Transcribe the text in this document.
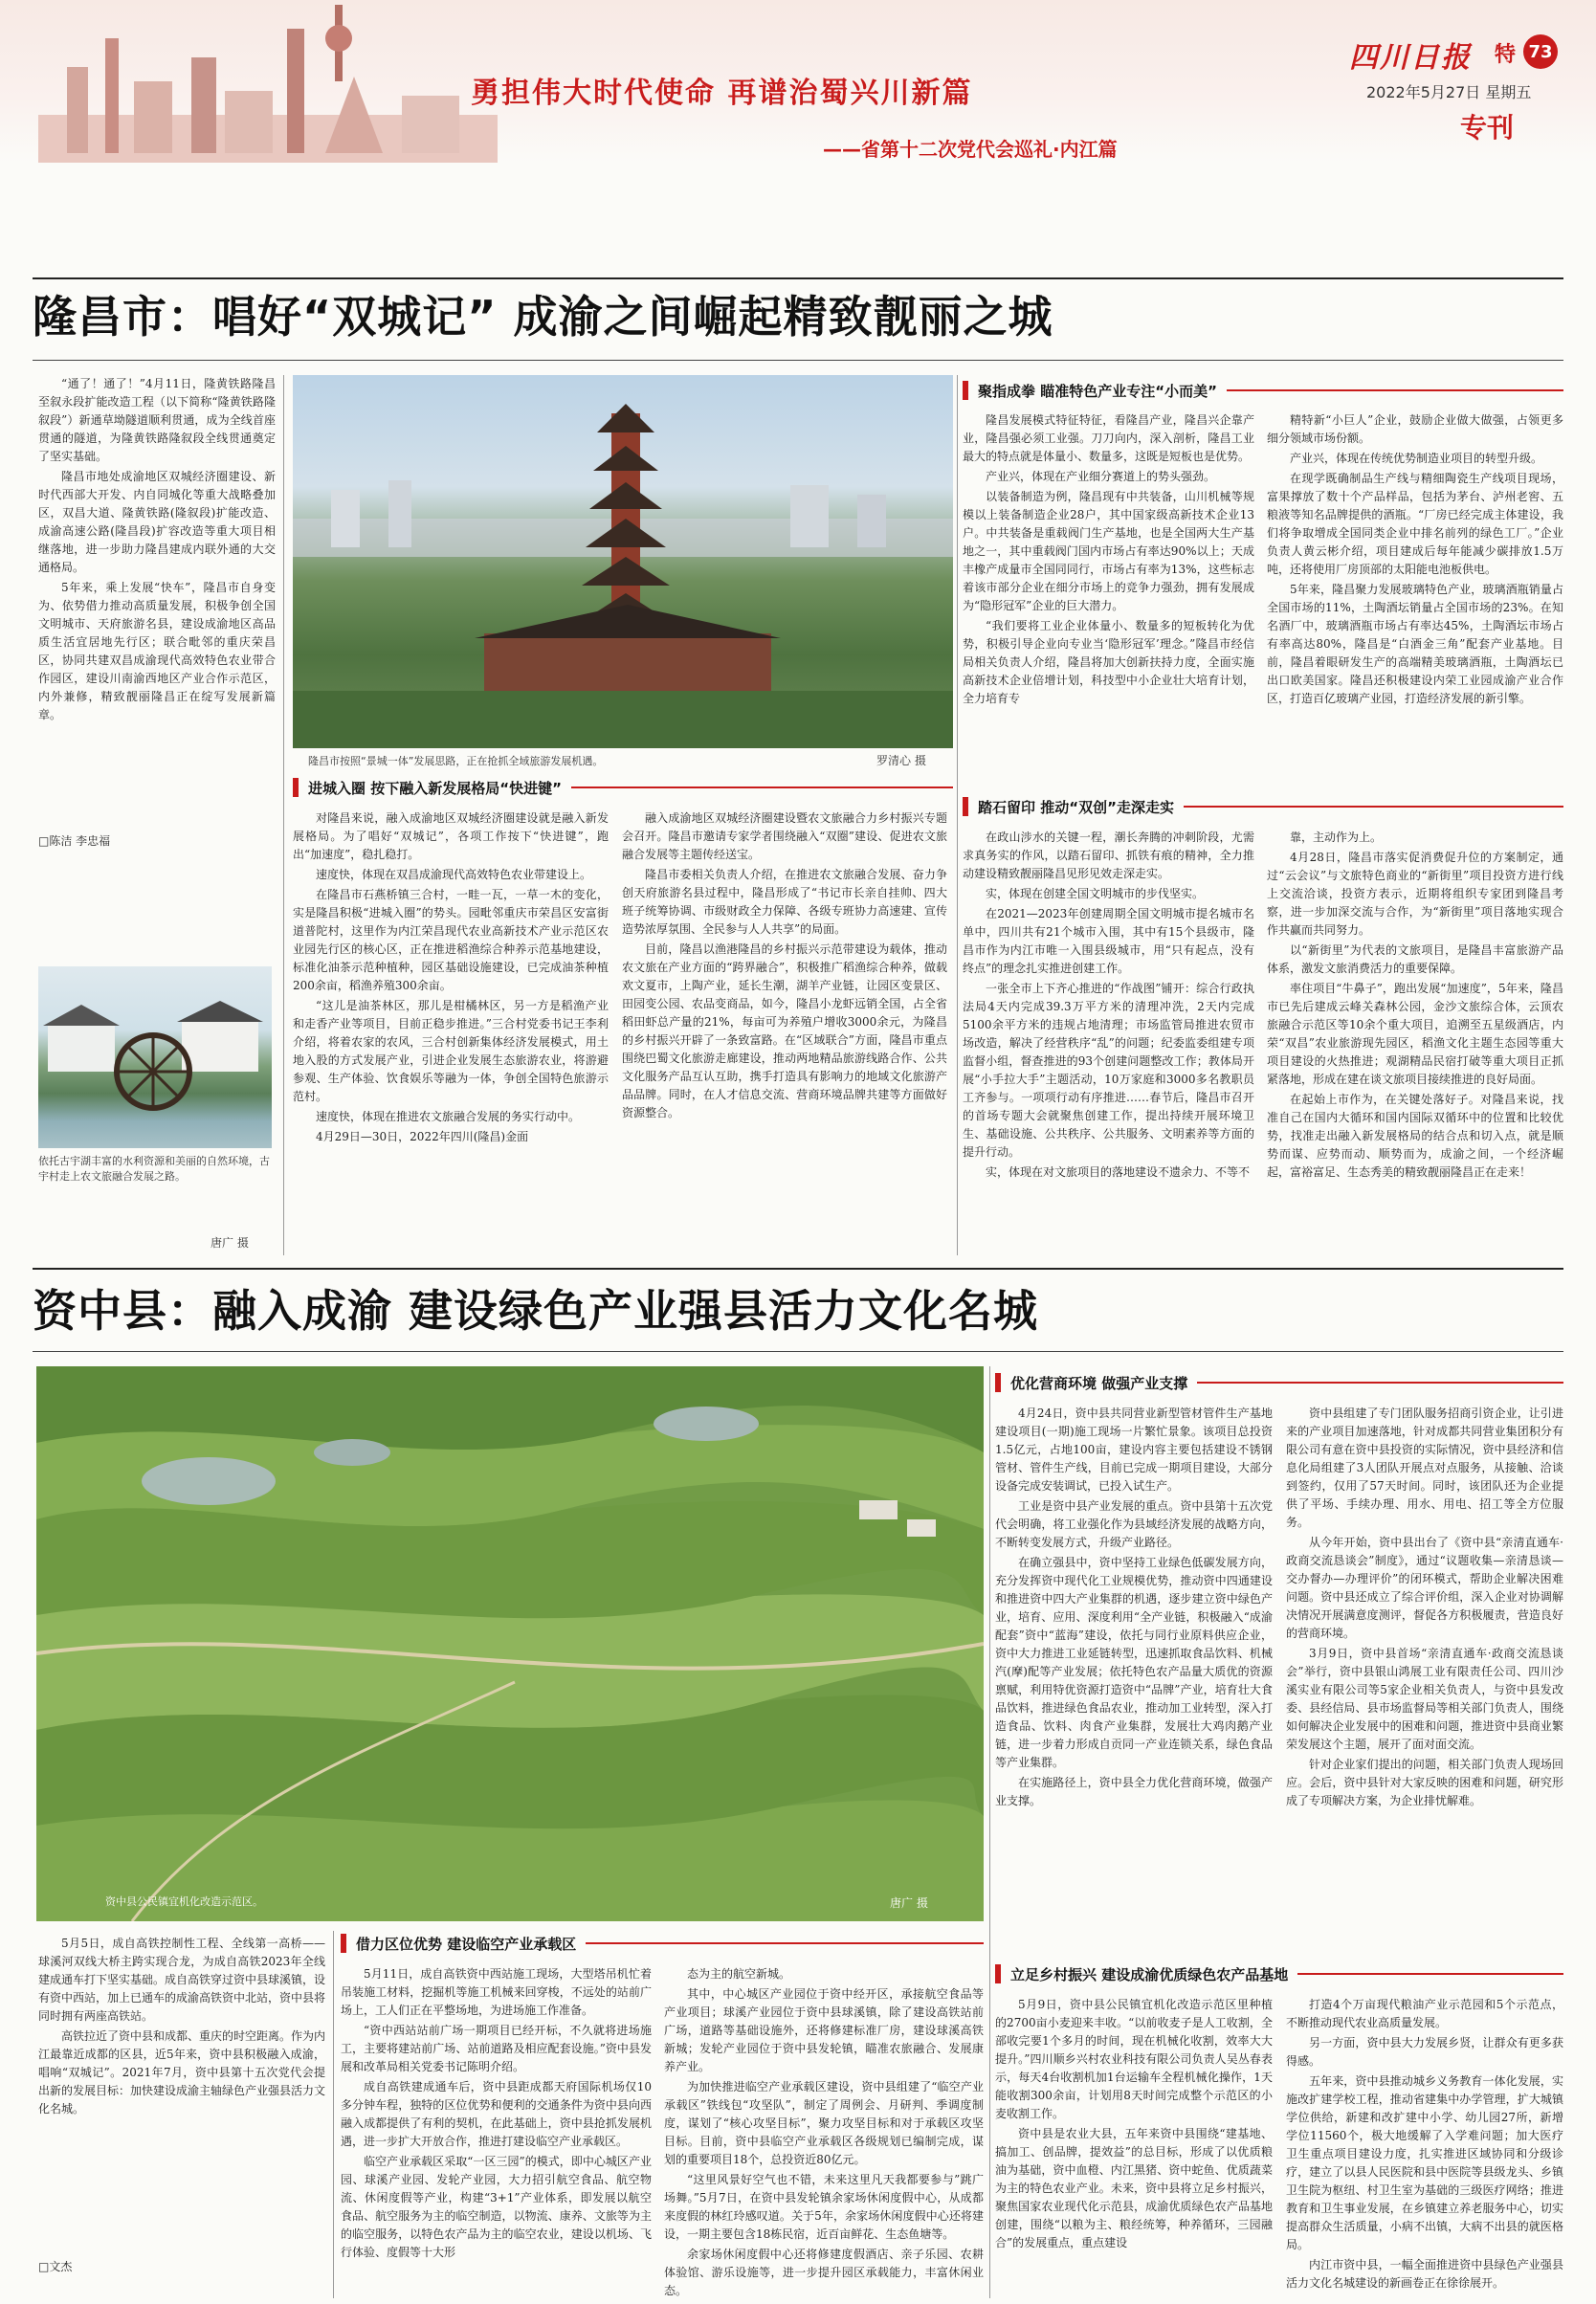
勇担伟大时代使命 再谱治蜀兴川新篇
——省第十二次党代会巡礼·内江篇
四川日报 特 73
2022年5月27日 星期五
专刊
隆昌市：唱好“双城记” 成渝之间崛起精致靓丽之城

“通了！通了！”4月11日，隆黄铁路隆昌至叙永段扩能改造工程（以下简称“隆黄铁路隆叙段”）新通草坳隧道顺利贯通，成为全线首座贯通的隧道，为隆黄铁路隆叙段全线贯通奠定了坚实基础。

隆昌市地处成渝地区双城经济圈建设、新时代西部大开发、内自同城化等重大战略叠加区，双昌大道、隆黄铁路(隆叙段)扩能改造、成渝高速公路(隆昌段)扩容改造等重大项目相继落地，进一步助力隆昌建成内联外通的大交通格局。

5年来，乘上发展“快车”，隆昌市自身变为、依势借力推动高质量发展，积极争创全国文明城市、天府旅游名县，建设成渝地区高品质生活宜居地先行区；联合毗邻的重庆荣昌区，协同共建双昌成渝现代高效特色农业带合作园区，建设川南渝西地区产业合作示范区，内外兼修，精致靓丽隆昌正在绽写发展新篇章。

□陈洁 李忠福
依托古宇湖丰富的水利资源和美丽的自然环境，古宇村走上农文旅融合发展之路。
唐广 摄
隆昌市按照“景城一体”发展思路，正在抢抓全域旅游发展机遇。	罗清心 摄
进城入圈 按下融入新发展格局“快进键”

对隆昌来说，融入成渝地区双城经济圈建设就是融入新发展格局。为了唱好“双城记”，各项工作按下“快进键”，跑出“加速度”，稳扎稳打。

速度快，体现在双昌成渝现代高效特色农业带建设上。

在隆昌市石燕桥镇三合村，一畦一瓦，一草一木的变化，实是隆昌积极“进城入圈”的势头。园毗邻重庆市荣昌区安富街道普陀村，这里作为内江荣昌现代农业高新技术产业示范区农业园先行区的核心区，正在推进稻渔综合种养示范基地建设，标准化油茶示范种植种，园区基础设施建设，已完成油茶种植200余亩，稻渔养殖300余亩。

“这儿是油茶林区，那儿是柑橘林区，另一方是稻渔产业和走香产业等项目，目前正稳步推进。”三合村党委书记王李利介绍，将着农家的农风，三合村创新集体经济发展模式，用土地入股的方式发展产业，引进企业发展生态旅游农业，将游避参观、生产体验、饮食娱乐等融为一体，争创全国特色旅游示范村。

速度快，体现在推进农文旅融合发展的务实行动中。

4月29日—30日，2022年四川(隆昌)金面

融入成渝地区双城经济圈建设暨农文旅融合力乡村振兴专题会召开。隆昌市邀请专家学者围绕融入“双圈”建设、促进农文旅融合发展等主题传经送宝。

隆昌市委相关负责人介绍，在推进农文旅融合发展、奋力争创天府旅游名县过程中，隆昌形成了“书记市长亲自挂帅、四大班子统筹协调、市级财政全力保障、各级专班协力高速建、宣传造势浓厚氛围、全民参与人人共享”的局面。

目前，隆昌以渔港隆昌的乡村振兴示范带建设为载体，推动农文旅在产业方面的“跨界融合”，积极推广稻渔综合种养，做载欢文夏市，上陶产业，延长生潮，湖羊产业链，让园区变景区、田园变公园、农品变商品，如今，隆昌小龙虾远销全国，占全省稻田虾总产量的21%，每亩可为养殖户增收3000余元，为隆昌的乡村振兴开辟了一条致富路。在“区域联合”方面，隆昌市重点围绕巴蜀文化旅游走廊建设，推动两地精品旅游线路合作、公共文化服务产品互认互助，携手打造具有影响力的地域文化旅游产品品牌。同时，在人才信息交流、营商环境品牌共建等方面做好资源整合。

聚指成拳 瞄准特色产业专注“小而美”

隆昌发展模式特征特征，看隆昌产业，隆昌兴企靠产业，隆昌强必须工业强。刀刀向内，深入剖析，隆昌工业最大的特点就是体量小、数量多，这既是短板也是优势。

产业兴，体现在产业细分赛道上的势头强劲。

以装备制造为例，隆昌现有中共装备，山川机械等规模以上装备制造企业28户，其中国家级高新技术企业13户。中共装备是重载阀门生产基地，也是全国两大生产基地之一，其中重载阀门国内市场占有率达90%以上；天成丰橡产成量市全国同同行，市场占有率为13%，这些标志着该市部分企业在细分市场上的竞争力强劲，拥有发展成为“隐形冠军”企业的巨大潜力。

“我们要将工业企业体量小、数量多的短板转化为优势，积极引导企业向专业当‘隐形冠军’理念。”隆昌市经信局相关负责人介绍，隆昌将加大创新扶持力度，全面实施高新技术企业倍增计划，科技型中小企业壮大培育计划，全力培育专

精特新“小巨人”企业，鼓励企业做大做强，占领更多细分领域市场份额。

产业兴，体现在传统优势制造业项目的转型升级。

在现学既确制品生产线与精细陶瓷生产线项目现场，富果撑放了数十个产品样品，包括为茅台、泸州老窖、五粮液等知名品牌提供的酒瓶。“厂房已经完成主体建设，我们将争取增成全国同类企业中排名前列的绿色工厂。”企业负责人黄云彬介绍，项目建成后每年能减少碳排放1.5万吨，还将使用厂房顶部的太阳能电池板供电。

5年来，隆昌聚力发展玻璃特色产业，玻璃酒瓶销量占全国市场的11%，土陶酒坛销量占全国市场的23%。在知名酒厂中，玻璃酒瓶市场占有率达45%，土陶酒坛市场占有率高达80%，隆昌是“白酒金三角”配套产业基地。目前，隆昌着眼研发生产的高端精美玻璃酒瓶，土陶酒坛已出口欧美国家。隆昌还积极建设内荣工业园成渝产业合作区，打造百亿玻璃产业园，打造经济发展的新引擎。

踏石留印 推动“双创”走深走实

在政山涉水的关键一程，潮长奔腾的冲刺阶段，尤需求真务实的作风，以踏石留印、抓铁有痕的精神，全力推动建设精致靓丽隆昌见形见效走深走实。

实，体现在创建全国文明城市的步伐坚实。

在2021—2023年创建周期全国文明城市提名城市名单中，四川共有21个城市入围，其中有15个县级市，隆昌市作为内江市唯一入围县级城市，用“只有起点，没有终点”的理念扎实推进创建工作。

一张全市上下齐心推进的“作战图”铺开：综合行政执法局4天内完成39.3万平方米的清理冲洗，2天内完成5100余平方米的违规占地清理；市场监管局推进农贸市场改造，解决了经营秩序“乱”的问题；纪委监委组建专项监督小组，督查推进的93个创建问题整改工作；教体局开展“小手拉大手”主题活动，10万家庭和3000多名教职员工齐参与。一项项行动有序推进……春节后，隆昌市召开的首场专题大会就聚焦创建工作，提出持续开展环境卫生、基础设施、公共秩序、公共服务、文明素养等方面的提升行动。

实，体现在对文旅项目的落地建设不遗余力、不等不

靠，主动作为上。

4月28日，隆昌市落实促消费促升位的方案制定，通过“云会议”与文旅特色商业的“新街里”项目投资方进行线上交流洽谈，投资方表示，近期将组织专家团到隆昌考察，进一步加深交流与合作，为“新街里”项目落地实现合作共赢而共同努力。

以“新街里”为代表的文旅项目，是隆昌丰富旅游产品体系，激发文旅消费活力的重要保障。

率住项目“牛鼻子”，跑出发展“加速度”，5年来，隆昌市已先后建成云峰关森林公园，金沙文旅综合体，云顶农旅融合示范区等10余个重大项目，追溯至五星级酒店，内荣“双昌”农业旅游现先园区，稻渔文化主题生态园等重大项目建设的火热推进；观湖精品民宿打破等重大项目正抓紧落地，形成在建在谈文旅项目接续推进的良好局面。

在起始上市作为，在关键处落好子。对隆昌来说，找准自己在国内大循环和国内国际双循环中的位置和比较优势，找准走出融入新发展格局的结合点和切入点，就是顺势而谋、应势而动、顺势而为，成渝之间，一个经济崛起，富裕富足、生态秀美的精致靓丽隆昌正在走来！

资中县：融入成渝 建设绿色产业强县活力文化名城
资中县公民镇宜机化改造示范区。	唐广 摄

5月5日，成自高铁控制性工程、全线第一高桥——球溪河双线大桥主跨实现合龙，为成自高铁2023年全线建成通车打下坚实基础。成自高铁穿过资中县球溪镇，设有资中西站，加上已通车的成渝高铁资中北站，资中县将同时拥有两座高铁站。

高铁拉近了资中县和成都、重庆的时空距离。作为内江最靠近成都的区县，近5年来，资中县积极融入成渝，唱响“双城记”。2021年7月，资中县第十五次党代会提出新的发展目标：加快建设成渝主轴绿色产业强县活力文化名城。

□文杰
借力区位优势 建设临空产业承载区

5月11日，成自高铁资中西站施工现场，大型塔吊机忙着吊装施工材料，挖掘机等施工机械来回穿梭，不远处的站前广场上，工人们正在平整场地，为进场施工作准备。

“资中西站站前广场一期项目已经开标，不久就将进场施工，主要将建站前广场、站前道路及相应配套设施。”资中县发展和改革局相关党委书记陈明介绍。

成自高铁建成通车后，资中县距成都天府国际机场仅10多分钟车程，独特的区位优势和便利的交通条件为资中县向西融入成都提供了有利的契机，在此基础上，资中县抢抓发展机遇，进一步扩大开放合作，推进打建设临空产业承载区。

临空产业承载区采取“一区三园”的模式，即中心城区产业园、球溪产业园、发轮产业园，大力招引航空食品、航空物流、休闲度假等产业，构建“3+1”产业体系，即发展以航空食品、航空服务为主的临空制造，以物流、康养、文旅等为主的临空服务，以特色农产品为主的临空农业，建设以机场、飞行体验、度假等十大形

态为主的航空新城。

其中，中心城区产业园位于资中经开区，承接航空食品等产业项目；球溪产业园位于资中县球溪镇，除了建设高铁站前广场，道路等基础设施外，还将修建标准厂房，建设球溪高铁新城；发轮产业园位于资中县发轮镇，瞄准农旅融合、发展康养产业。

为加快推进临空产业承载区建设，资中县组建了“临空产业承载区”铁线包“攻坚队”，制定了周例会、月研判、季调度制度，谋划了“核心攻坚目标”，聚力攻坚目标和对于承载区攻坚目标。目前，资中县临空产业承载区各级规划已编制完成，谋划的重要项目18个，总投资近80亿元。

“这里风景好空气也不错，未来这里凡天我都要参与”跳广场舞。”5月7日，在资中县发轮镇余家场休闲度假中心，从成都来度假的林红玲感叹道。关于5年，余家场休闲度假中心还将建设，一期主要包含18栋民宿，近百亩鲜花、生态鱼塘等。

余家场休闲度假中心还将修建度假酒店、亲子乐园、农耕体验馆、游乐设施等，进一步提升园区承载能力，丰富休闲业态。

优化营商环境 做强产业支撑

4月24日，资中县共同营业新型管材管件生产基地建设项目(一期)施工现场一片繁忙景象。该项目总投资1.5亿元，占地100亩，建设内容主要包括建设不锈钢管材、管件生产线，目前已完成一期项目建设，大部分设备完成安装调试，已投入试生产。

工业是资中县产业发展的重点。资中县第十五次党代会明确，将工业强化作为县域经济发展的战略方向，不断转变发展方式，升级产业路径。

在确立强县中，资中坚持工业绿色低碳发展方向，充分发挥资中现代化工业规模优势，推动资中四通建设和推进资中四大产业集群的机遇，逐步建立资中绿色产业，培育、应用、深度利用“全产业链，积极融入“成渝配套”资中“蓝海”建设，依托与同行业原料供应企业，资中大力推进工业延链转型，迅速抓取食品饮料、机械汽(摩)配等产业发展；依托特色农产品量大质优的资源禀赋，利用特优资源打造资中“品牌”产业，培育壮大食品饮料，推进绿色食品农业，推动加工业转型，深入打造食品、饮料、肉食产业集群，发展壮大鸡肉鹅产业链，进一步着力形成自贡同一产业连锁关系，绿色食品等产业集群。

在实施路径上，资中县全力优化营商环境，做强产业支撑。

资中县组建了专门团队服务招商引资企业，让引进来的产业项目加速落地，针对成都共同营业集团积分有限公司有意在资中县投资的实际情况，资中县经济和信息化局组建了3人团队开展点对点服务，从接触、洽谈到签约，仅用了57天时间。同时，该团队还为企业提供了平场、手续办理、用水、用电、招工等全方位服务。

从今年开始，资中县出台了《资中县“亲清直通车·政商交流恳谈会”制度》，通过“议题收集—亲清恳谈—交办督办—办理评价”的闭环模式，帮助企业解决困难问题。资中县还成立了综合评价组，深入企业对协调解决情况开展满意度测评，督促各方积极履责，营造良好的营商环境。

3月9日，资中县首场“亲清直通车·政商交流恳谈会”举行，资中县银山鸿展工业有限责任公司、四川沙溪实业有限公司等5家企业相关负责人，与资中县发改委、县经信局、县市场监督局等相关部门负责人，围绕如何解决企业发展中的困难和问题，推进资中县商业繁荣发展这个主题，展开了面对面交流。

针对企业家们提出的问题，相关部门负责人现场回应。会后，资中县针对大家反映的困难和问题，研究形成了专项解决方案，为企业排忧解难。

立足乡村振兴 建设成渝优质绿色农产品基地

5月9日，资中县公民镇宜机化改造示范区里种植的2700亩小麦迎来丰收。“以前收麦子是人工收割，全部收完要1个多月的时间，现在机械化收割，效率大大提升。”四川顺乡兴村农业科技有限公司负责人吴丛春表示，每天4台收割机加1台运输车全程机械化操作，1天能收割300余亩，计划用8天时间完成整个示范区的小麦收割工作。

资中县是农业大县，五年来资中县围绕“建基地、搞加工、创品牌，提效益”的总目标，形成了以优质粮油为基础，资中血橙、内江黑猪、资中蛇鱼、优质蔬菜为主的特色农业产业。未来，资中县将立足乡村振兴，聚焦国家农业现代化示范县，成渝优质绿色农产品基地创建，围绕“以粮为主、粮经统筹，种养循环，三园融合”的发展重点，重点建设

打造4个万亩现代粮油产业示范园和5个示范点，不断推动现代农业高质量发展。

另一方面，资中县大力发展乡贤，让群众有更多获得感。

五年来，资中县推动城乡义务教育一体化发展，实施改扩建学校工程，推动省建集中办学管理，扩大城镇学位供给，新建和改扩建中小学、幼儿园27所，新增学位11560个，极大地缓解了入学难问题；加大医疗卫生重点项目建设力度，扎实推进区域协同和分级诊疗，建立了以县人民医院和县中医院等县级龙头、乡镇卫生院为枢纽、村卫生室为基础的三级医疗网络；推进教育和卫生事业发展，在乡镇建立养老服务中心，切实提高群众生活质量，小病不出镇，大病不出县的就医格局。

内江市资中县，一幅全面推进资中县绿色产业强县活力文化名城建设的新画卷正在徐徐展开。
